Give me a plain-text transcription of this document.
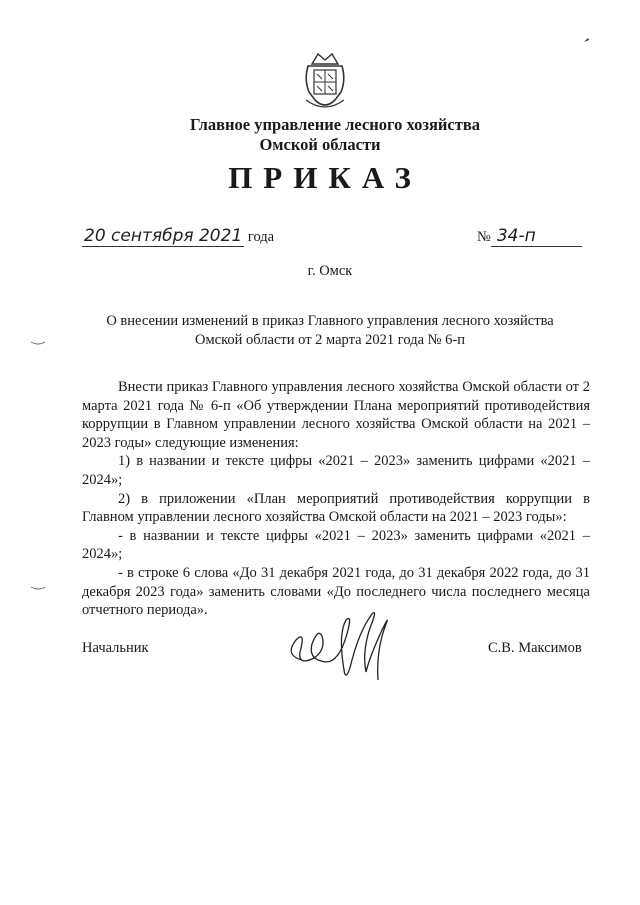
Главное управление лесного хозяйства
Омской области
ПРИКАЗ
20 сентября 2021 года	№ 34-п
г. Омск
О внесении изменений в приказ Главного управления лесного хозяйства
Омской области от 2 марта 2021 года № 6-п

Внести приказ Главного управления лесного хозяйства Омской области от 2 марта 2021 года № 6-п «Об утверждении Плана мероприятий противодействия коррупции в Главном управлении лесного хозяйства Омской области на 2021 – 2023 годы» следующие изменения:

1) в названии и тексте цифры «2021 – 2023» заменить цифрами «2021 – 2024»;

2) в приложении «План мероприятий противодействия коррупции в Главном управлении лесного хозяйства Омской области на 2021 – 2023 годы»:

- в названии и тексте цифры «2021 – 2023» заменить цифрами «2021 – 2024»;

- в строке 6 слова «До 31 декабря 2021 года, до 31 декабря 2022 года, до 31 декабря 2023 года» заменить словами «До последнего числа последнего месяца отчетного периода».

Начальник	С.В. Максимов
